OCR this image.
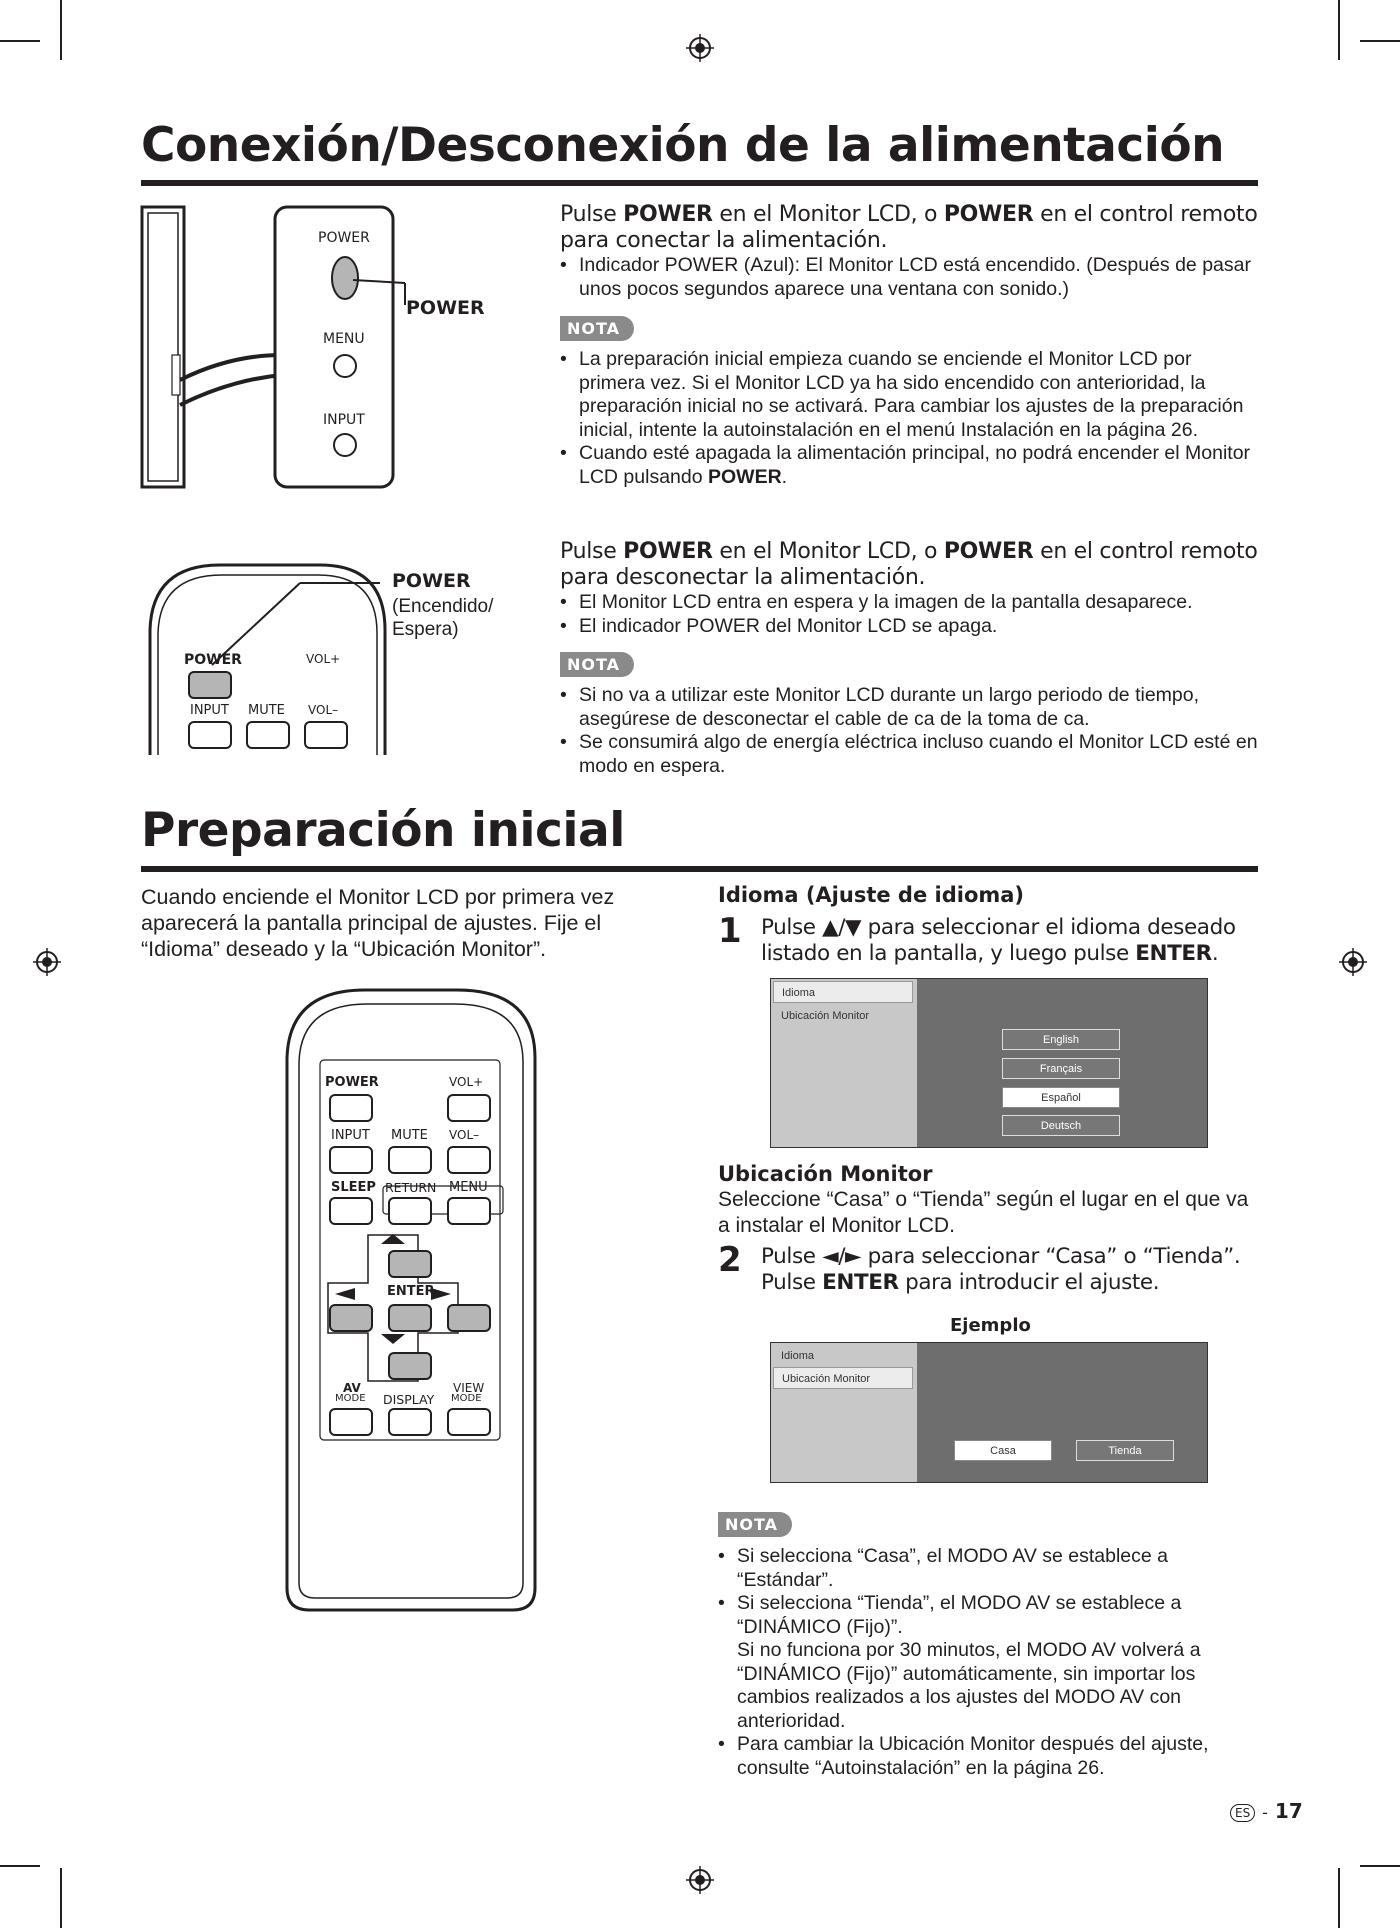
Conexión/Desconexión de la alimentación
POWER
MENU
INPUT
POWER
Pulse POWER en el Monitor LCD, o POWER en el control remoto para conectar la alimentación.
• Indicador POWER (Azul): El Monitor LCD está encendido. (Después de pasar unos pocos segundos aparece una ventana con sonido.)
NOTA
• La preparación inicial empieza cuando se enciende el Monitor LCD por primera vez. Si el Monitor LCD ya ha sido encendido con anterioridad, la preparación inicial no se activará. Para cambiar los ajustes de la preparación inicial, intente la autoinstalación en el menú Instalación en la página 26.
• Cuando esté apagada la alimentación principal, no podrá encender el Monitor LCD pulsando POWER.
POWER	VOL+
INPUT MUTE VOL–
POWER
(Encendido/
Espera)
Pulse POWER en el Monitor LCD, o POWER en el control remoto para desconectar la alimentación.
• El Monitor LCD entra en espera y la imagen de la pantalla desaparece.
• El indicador POWER del Monitor LCD se apaga.
NOTA
• Si no va a utilizar este Monitor LCD durante un largo periodo de tiempo, asegúrese de desconectar el cable de ca de la toma de ca.
• Se consumirá algo de energía eléctrica incluso cuando el Monitor LCD esté en modo en espera.
Preparación inicial
Cuando enciende el Monitor LCD por primera vez aparecerá la pantalla principal de ajustes. Fije el “Idioma” deseado y la “Ubicación Monitor”.
POWER	VOL+
INPUT MUTE VOL–
SLEEP RETURN MENU
ENTER
AV
MODE DISPLAY
VIEW
MODE
Idioma (Ajuste de idioma)
1 Pulse ▲/▼ para seleccionar el idioma deseado listado en la pantalla, y luego pulse ENTER.
Idioma
Ubicación Monitor
English
Français
Español
Deutsch
Ubicación Monitor
Seleccione “Casa” o “Tienda” según el lugar en el que va a instalar el Monitor LCD.
2 Pulse ◄/► para seleccionar “Casa” o “Tienda”.
Pulse ENTER para introducir el ajuste.
Ejemplo
Idioma
Ubicación Monitor
Casa	Tienda
NOTA
• Si selecciona “Casa”, el MODO AV se establece a “Estándar”.
• Si selecciona “Tienda”, el MODO AV se establece a “DINÁMICO (Fijo)”.
Si no funciona por 30 minutos, el MODO AV volverá a “DINÁMICO (Fijo)” automáticamente, sin importar los cambios realizados a los ajustes del MODO AV con anterioridad.
• Para cambiar la Ubicación Monitor después del ajuste, consulte “Autoinstalación” en la página 26.
ES - 17
